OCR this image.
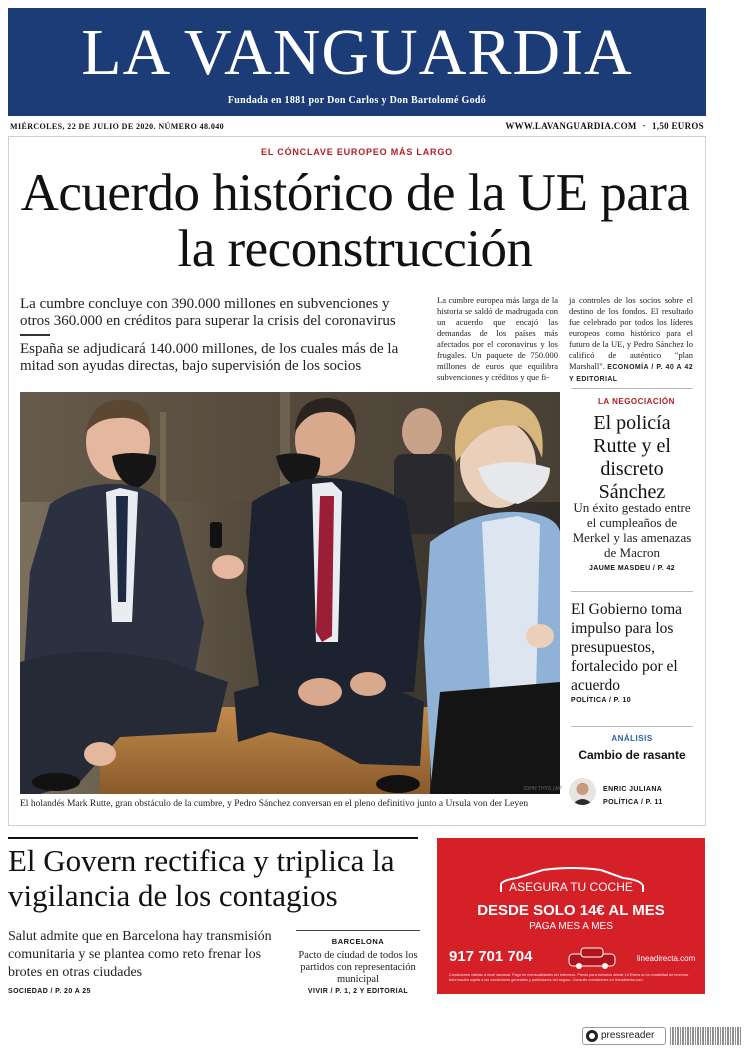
LA VANGUARDIA
Fundada en 1881 por Don Carlos y Don Bartolomé Godó
MIÉRCOLES, 22 DE JULIO DE 2020. NÚMERO 48.040	WWW.LAVANGUARDIA.COM · 1,50 EUROS
EL CÓNCLAVE EUROPEO MÁS LARGO
Acuerdo histórico de la UE para la reconstrucción
La cumbre concluye con 390.000 millones en subvenciones y otros 360.000 en créditos para superar la crisis del coronavirus
España se adjudicará 140.000 millones, de los cuales más de la mitad son ayudas directas, bajo supervisión de los socios
La cumbre europea más larga de la historia se saldó de madrugada con un acuerdo que encajó las demandas de los países más afectados por el coronavirus y los frugales. Un paquete de 750.000 millones de euros que equilibra subvenciones y créditos y que fi-
ja controles de los socios sobre el destino de los fondos. El resultado fue celebrado por todos los líderes europeos como histórico para el futuro de la UE, y Pedro Sánchez lo calificó de auténtico "plan Marshall". ECONOMÍA / P. 40 A 42 Y EDITORIAL
JOHN THYS | AP
El holandés Mark Rutte, gran obstáculo de la cumbre, y Pedro Sánchez conversan en el pleno definitivo junto a Ursula von der Leyen
LA NEGOCIACIÓN
El policía Rutte y el discreto Sánchez
Un éxito gestado entre el cumpleaños de Merkel y las amenazas de Macron
JAUME MASDEU / P. 42
El Gobierno toma impulso para los presupuestos, fortalecido por el acuerdo
POLÍTICA / P. 10
ANÁLISIS
Cambio de rasante
ENRIC JULIANA
POLÍTICA / P. 11
El Govern rectifica y triplica la vigilancia de los contagios
Salut admite que en Barcelona hay transmisión comunitaria y se plantea como reto frenar los brotes en otras ciudades
SOCIEDAD / P. 20 A 25
BARCELONA
Pacto de ciudad de todos los partidos con representación municipal
VIVIR / P. 1, 2 Y EDITORIAL
ASEGURA TU COCHE
DESDE SOLO 14€ AL MES
PAGA MES A MES
917 701 704	lineadirecta.com
Condiciones válidas a nivel nacional. Pago en mensualidades sin intereses. Precio para turismos desde 14 €/mes en la modalidad de terceros. Información sujeta a las condiciones generales y particulares del seguro. Consulte condiciones en lineadirecta.com.
pressreader
